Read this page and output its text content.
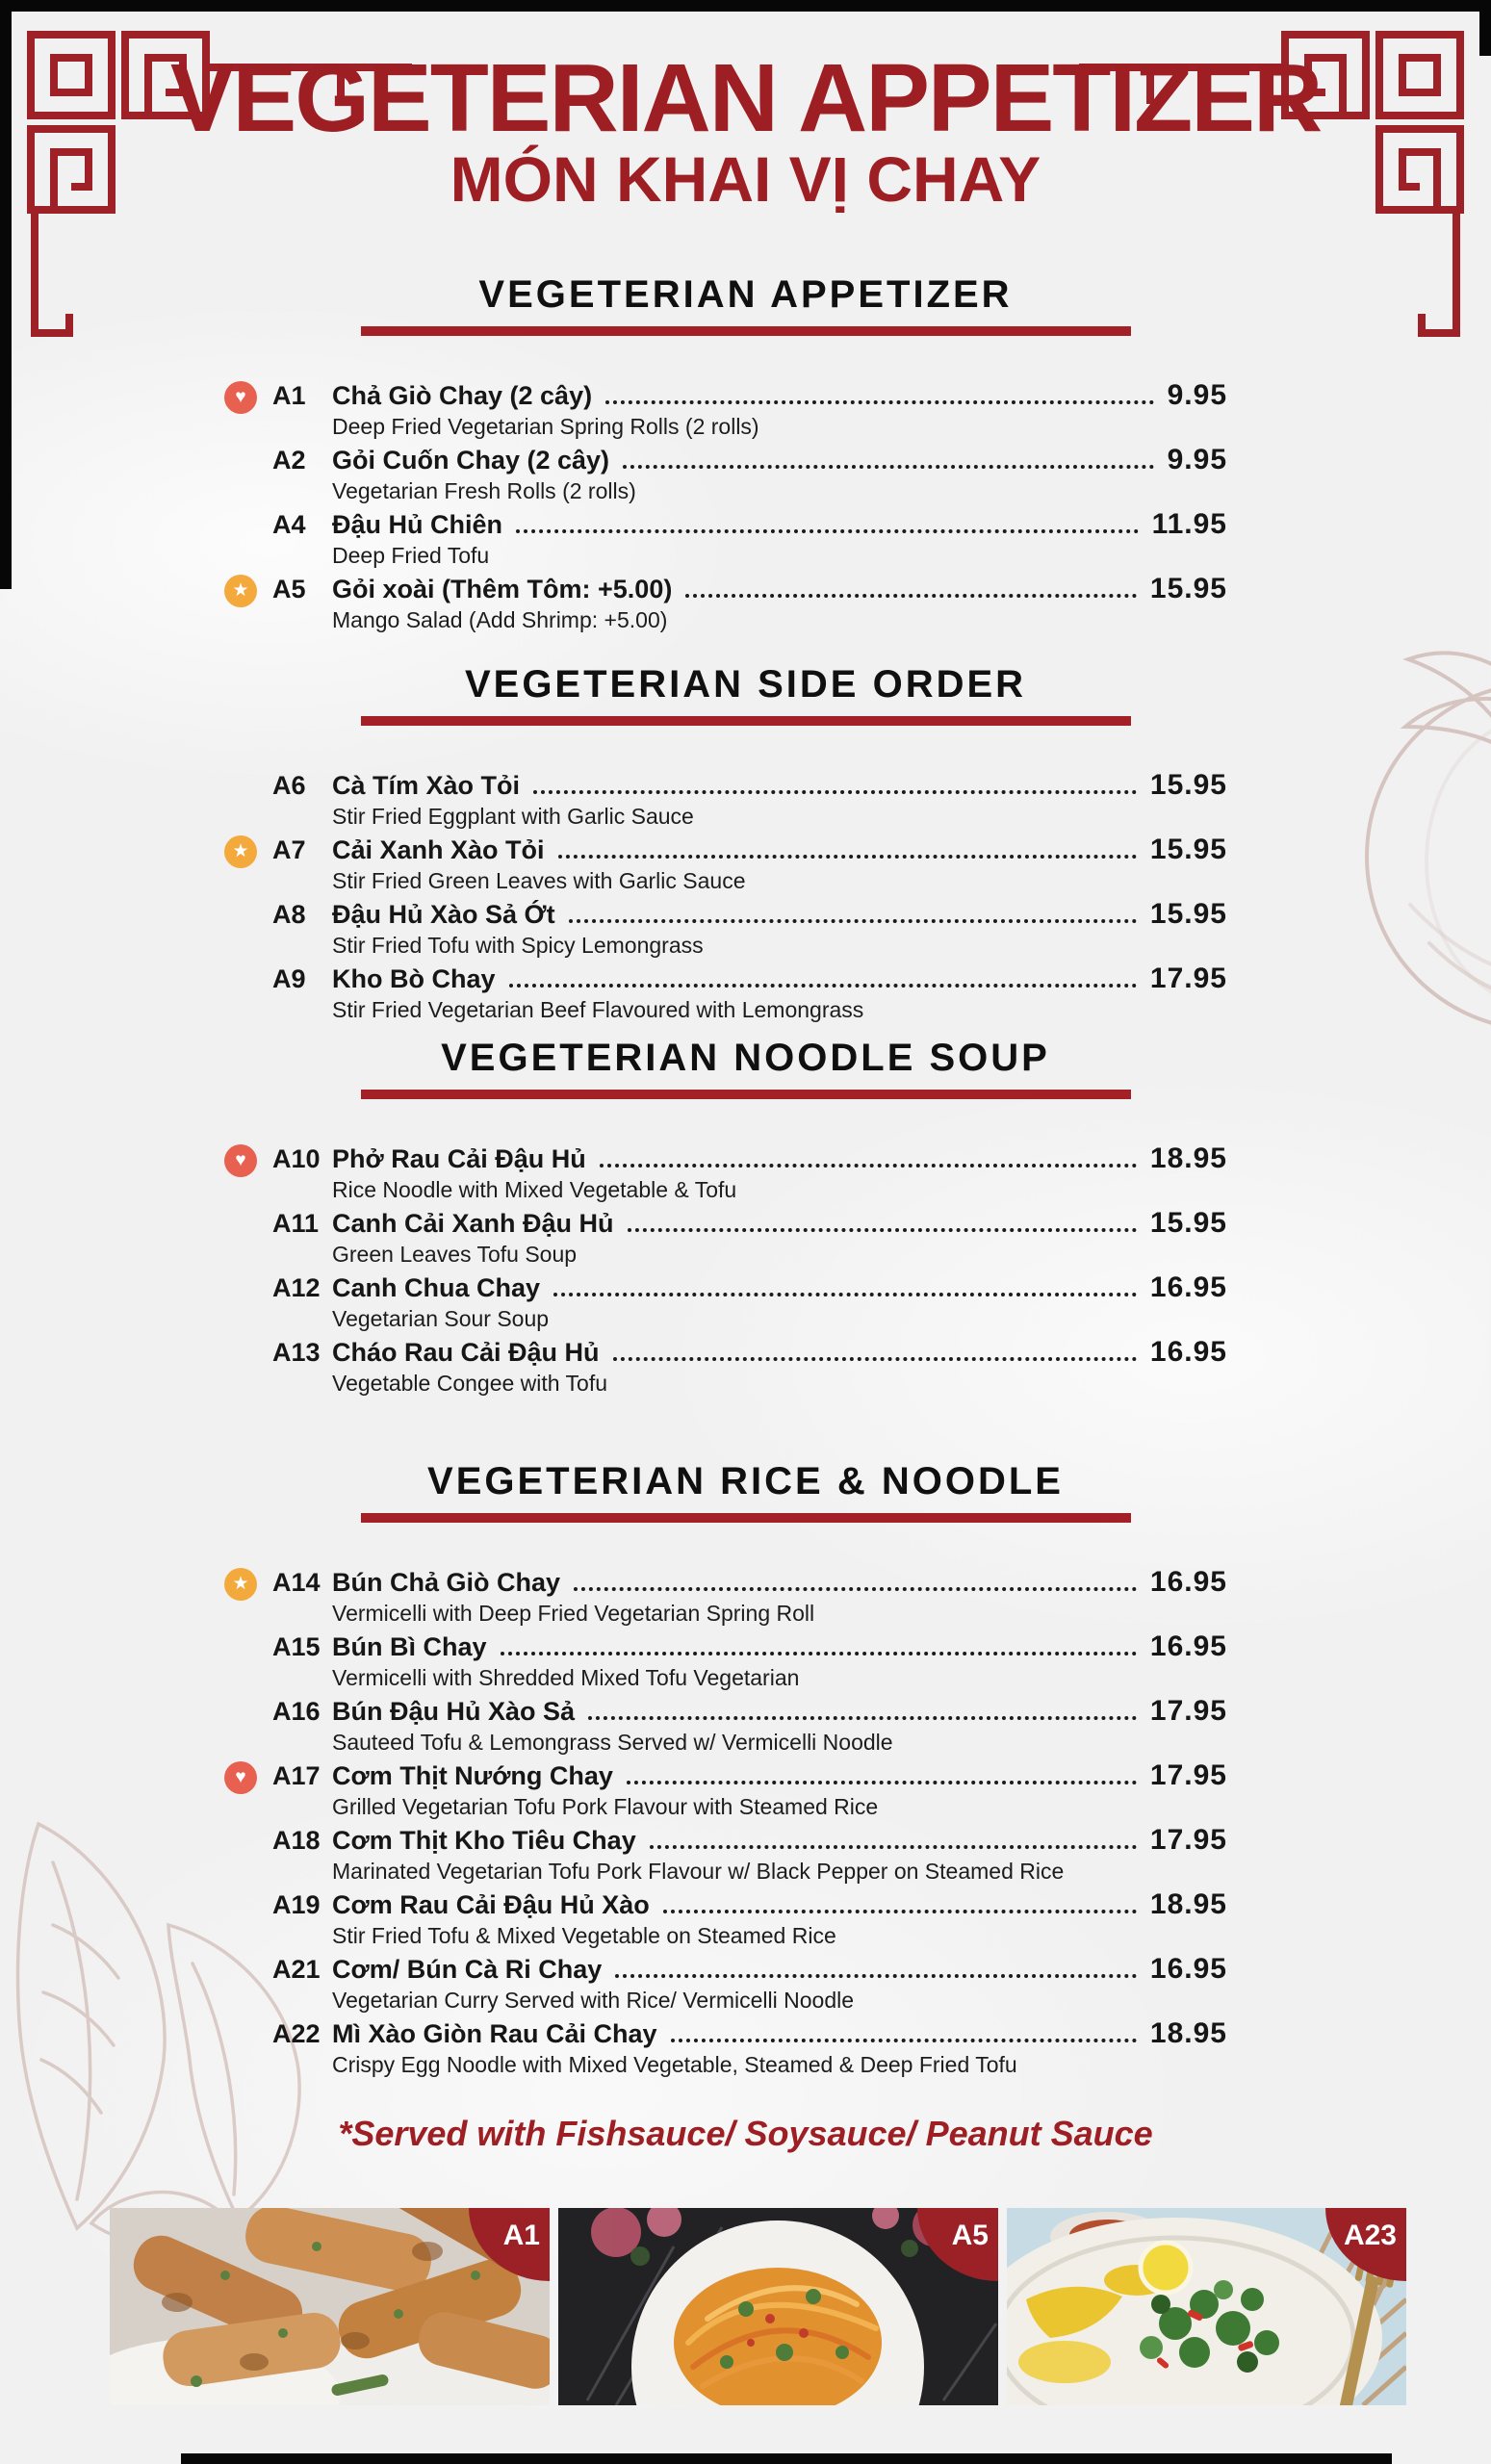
VEGETERIAN APPETIZER
MÓN KHAI VỊ CHAY
VEGETERIAN APPETIZER
A1	Chả Giò Chay (2 cây)	9.95
Deep Fried Vegetarian Spring Rolls (2 rolls)
♥
A2	Gỏi Cuốn Chay (2 cây)	9.95
Vegetarian Fresh Rolls (2 rolls)
A4	Đậu Hủ Chiên	11.95
Deep Fried Tofu
A5	Gỏi xoài (Thêm Tôm: +5.00)	15.95
Mango Salad (Add Shrimp: +5.00)
★
VEGETERIAN SIDE ORDER
A6	Cà Tím Xào Tỏi	15.95
Stir Fried Eggplant with Garlic Sauce
A7	Cải Xanh Xào Tỏi	15.95
Stir Fried Green Leaves with Garlic Sauce
★
A8	Đậu Hủ Xào Sả Ớt	15.95
Stir Fried Tofu with Spicy Lemongrass
A9	Kho Bò Chay	17.95
Stir Fried Vegetarian Beef Flavoured with Lemongrass
VEGETERIAN NOODLE SOUP
A10 Phở Rau Cải Đậu Hủ	18.95
Rice Noodle with Mixed Vegetable & Tofu
♥
A11 Canh Cải Xanh Đậu Hủ	15.95
Green Leaves Tofu Soup
A12 Canh Chua Chay	16.95
Vegetarian Sour Soup
A13 Cháo Rau Cải Đậu Hủ	16.95
Vegetable Congee with Tofu
VEGETERIAN RICE & NOODLE
A14 Bún Chả Giò Chay	16.95
Vermicelli with Deep Fried Vegetarian Spring Roll
★
A15 Bún Bì Chay	16.95
Vermicelli with Shredded Mixed Tofu Vegetarian
A16 Bún Đậu Hủ Xào Sả	17.95
Sauteed Tofu & Lemongrass Served w/ Vermicelli Noodle
A17 Cơm Thịt Nướng Chay	17.95
Grilled Vegetarian Tofu Pork Flavour with Steamed Rice
♥
A18 Cơm Thịt Kho Tiêu Chay	17.95
Marinated Vegetarian Tofu Pork Flavour w/ Black Pepper on Steamed Rice
A19 Cơm Rau Cải Đậu Hủ Xào	18.95
Stir Fried Tofu & Mixed Vegetable on Steamed Rice
A21 Cơm/ Bún Cà Ri Chay	16.95
Vegetarian Curry Served with Rice/ Vermicelli Noodle
A22 Mì Xào Giòn Rau Cải Chay	18.95
Crispy Egg Noodle with Mixed Vegetable, Steamed & Deep Fried Tofu

*Served with Fishsauce/ Soysauce/ Peanut Sauce

A1	A5	A23
